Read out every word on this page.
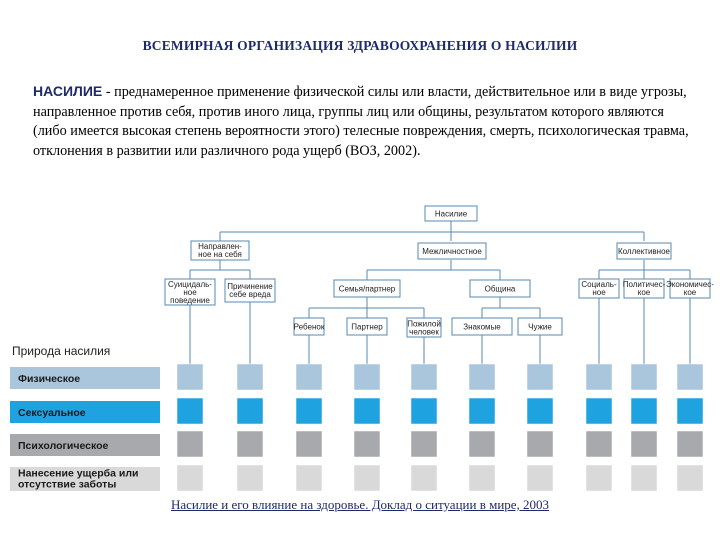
ВСЕМИРНАЯ ОРГАНИЗАЦИЯ ЗДРАВООХРАНЕНИЯ О НАСИЛИИ
НАСИЛИЕ - преднамеренное применение физической силы или власти, действительное или в виде угрозы, направленное против себя, против иного лица, группы лиц или общины, результатом которого являются (либо имеется высокая степень вероятности этого) телесные повреждения, смерть, психологическая травма, отклонения в развитии или различного рода ущерб (ВОЗ, 2002).
Насилие
Направлен-ное на себя	Межличностное	Коллективное
Суицидаль-ное поведение
Причинение себе вреда
Семья/партнер	Община	Социаль-ное
Политичес-кое
Экономичес-кое
Ребенок	Партнер	Пожилой человек
Знакомые	Чужие
Природа насилия
Физическое
Сексуальное
Психологическое
Нанесение ущерба или отсутствие заботы
Насилие и его влияние на здоровье. Доклад о ситуации в мире, 2003
